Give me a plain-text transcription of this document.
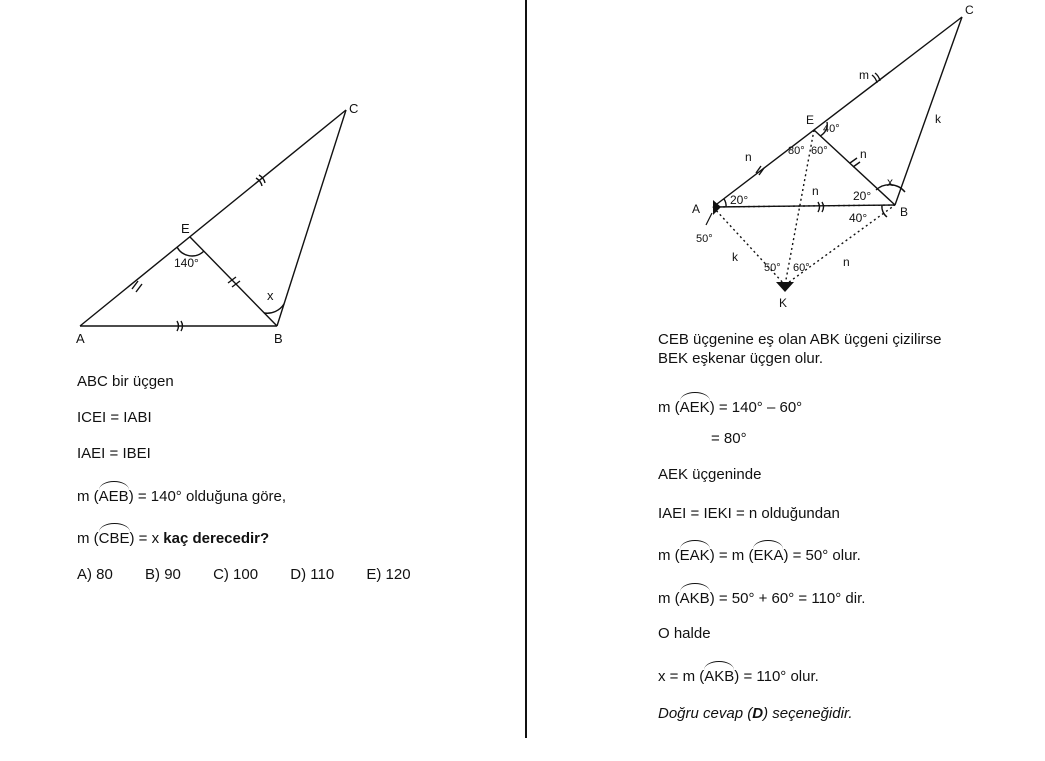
A	B
C
E
140°
x
A	B
C
E
K
m
k
n	n
n
k	n
x
40°
80° 60°
20°	20°
40°
50°
50° 60°
ABC bir üçgen
ICEI = IABI
IAEI = IBEI
m (AEB) = 140° olduğuna göre,
m (CBE) = x kaç derecedir?
A) 80 B) 90 C) 100 D) 110 E) 120
CEB üçgenine eş olan ABK üçgeni çizilirse
BEK eşkenar üçgen olur.
m (AEK) = 140° – 60°
= 80°
AEK üçgeninde
IAEI = IEKI = n olduğundan
m (EAK) = m (EKA) = 50° olur.
m (AKB) = 50° + 60° = 110° dir.
O halde
x = m (AKB) = 110° olur.
Doğru cevap (D) seçeneğidir.
